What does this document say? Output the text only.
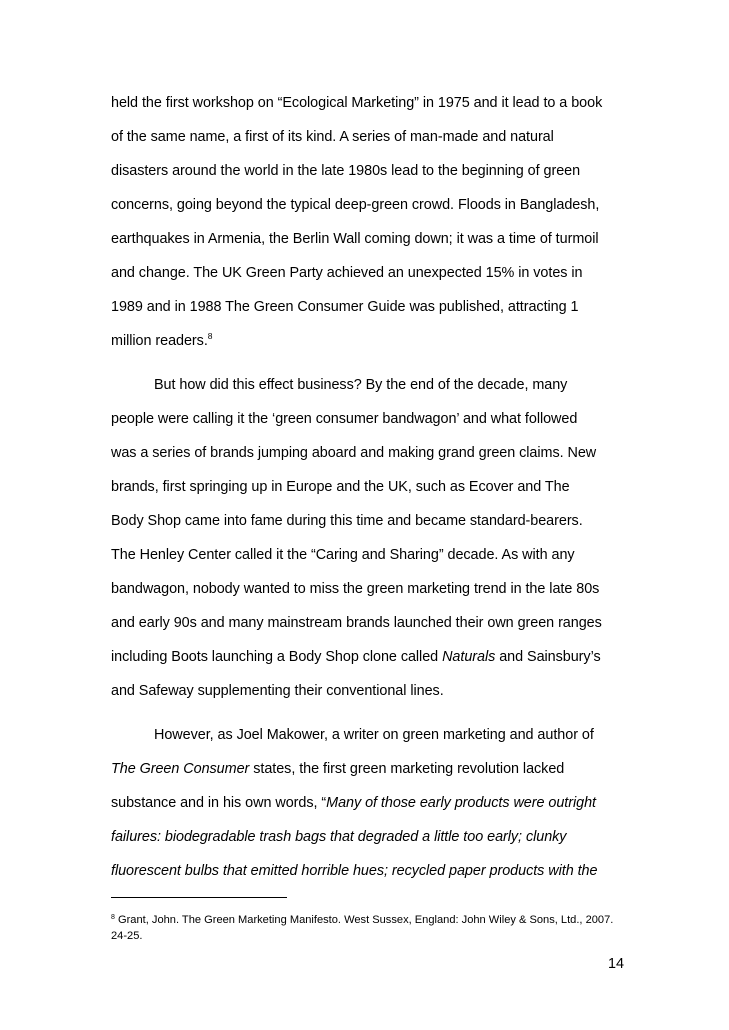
held the first workshop on “Ecological Marketing” in 1975 and it lead to a book
of the same name, a first of its kind. A series of man-made and natural
disasters around the world in the late 1980s lead to the beginning of green
concerns, going beyond the typical deep-green crowd. Floods in Bangladesh,
earthquakes in Armenia, the Berlin Wall coming down; it was a time of turmoil
and change. The UK Green Party achieved an unexpected 15% in votes in
1989 and in 1988 The Green Consumer Guide was published, attracting 1
million readers.$^8$
But how did this effect business? By the end of the decade, many
people were calling it the ‘green consumer bandwagon’ and what followed
was a series of brands jumping aboard and making grand green claims. New
brands, first springing up in Europe and the UK, such as Ecover and The
Body Shop came into fame during this time and became standard-bearers.
The Henley Center called it the “Caring and Sharing” decade. As with any
bandwagon, nobody wanted to miss the green marketing trend in the late 80s
and early 90s and many mainstream brands launched their own green ranges
including Boots launching a Body Shop clone called Naturals and Sainsbury’s
and Safeway supplementing their conventional lines.
However, as Joel Makower, a writer on green marketing and author of
The Green Consumer states, the first green marketing revolution lacked
substance and in his own words, “Many of those early products were outright
failures: biodegradable trash bags that degraded a little too early; clunky
fluorescent bulbs that emitted horrible hues; recycled paper products with the
$^8$ Grant, John. The Green Marketing Manifesto. West Sussex, England: John Wiley & Sons, Ltd., 2007.
24-25.
14
